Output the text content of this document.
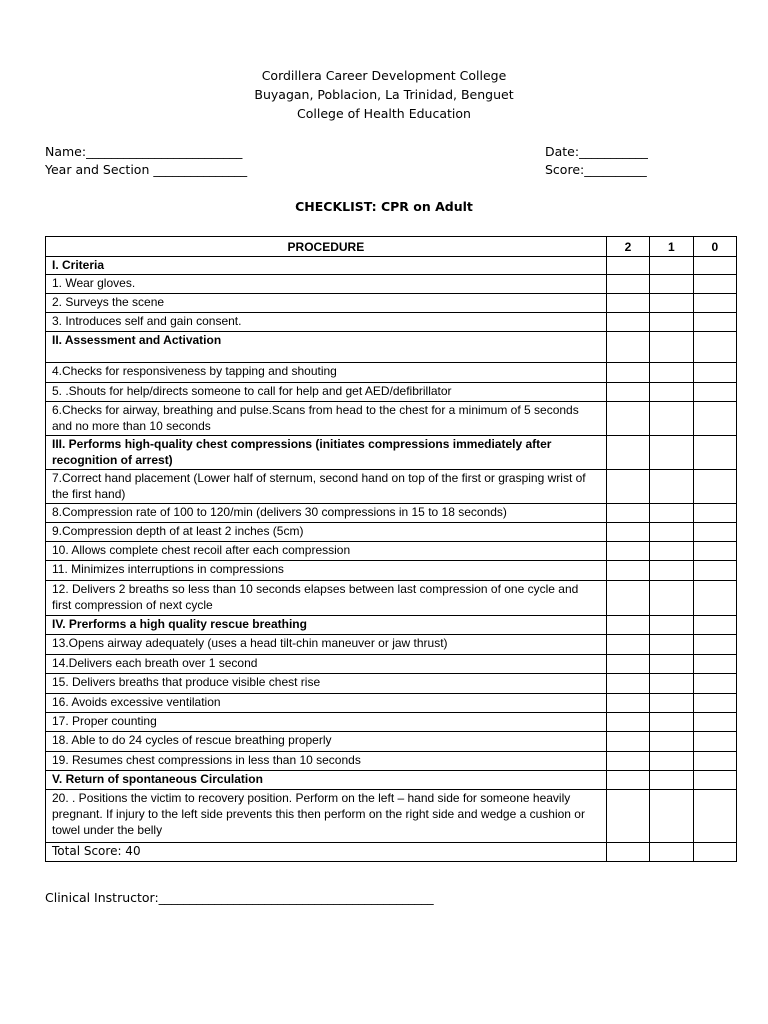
Cordillera Career Development College
Buyagan, Poblacion, La Trinidad, Benguet
College of Health Education
Name:_________________________
Year and Section _______________
Date:___________
Score:__________
CHECKLIST: CPR on Adult
PROCEDURE	2	1	0
I. Criteria			
1. Wear gloves.			
2. Surveys the scene			
3. Introduces self and gain consent.			
II. Assessment and Activation			
4.Checks for responsiveness by tapping and shouting			
5. .Shouts for help/directs someone to call for help and get AED/defibrillator			
6.Checks for airway, breathing and pulse.Scans from head to the chest for a minimum of 5 seconds and no more than 10 seconds			
III. Performs high-quality chest compressions (initiates compressions immediately after recognition of arrest)			
7.Correct hand placement (Lower half of sternum, second hand on top of the first or grasping wrist of the first hand)			
8.Compression rate of 100 to 120/min (delivers 30 compressions in 15 to 18 seconds)			
9.Compression depth of at least 2 inches (5cm)			
10. Allows complete chest recoil after each compression			
11. Minimizes interruptions in compressions			
12. Delivers 2 breaths so less than 10 seconds elapses between last compression of one cycle and first compression of next cycle			
IV. Prerforms a high quality rescue breathing			
13.Opens airway adequately (uses a head tilt-chin maneuver or jaw thrust)			
14.Delivers each breath over 1 second			
15. Delivers breaths that produce visible chest rise			
16. Avoids excessive ventilation			
17. Proper counting			
18. Able to do 24 cycles of rescue breathing properly			
19. Resumes chest compressions in less than 10 seconds			
V. Return of spontaneous Circulation			
20. . Positions the victim to recovery position. Perform on the left – hand side for someone heavily pregnant. If injury to the left side prevents this then perform on the right side and wedge a cushion or towel under the belly			
Total Score: 40			
Clinical Instructor:____________________________________________
